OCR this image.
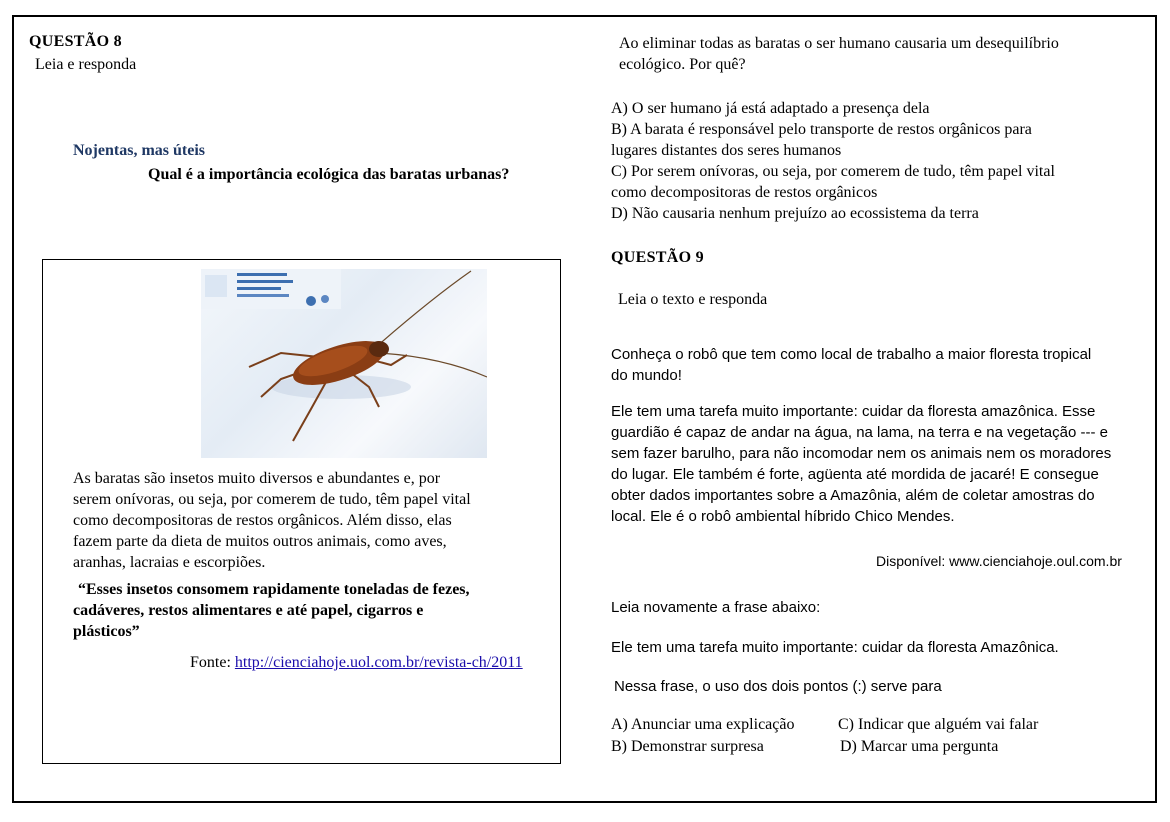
QUESTÃO 8
Leia e responda
Nojentas, mas úteis
Qual é a importância ecológica das baratas urbanas?
As baratas são insetos muito diversos e abundantes e, por
serem onívoras, ou seja, por comerem de tudo, têm papel vital
como decompositoras de restos orgânicos. Além disso, elas
fazem parte da dieta de muitos outros animais, como aves,
aranhas, lacraias e escorpiões.
“Esses insetos consomem rapidamente toneladas de fezes,
cadáveres, restos alimentares e até papel, cigarros e
plásticos”
Fonte: http://cienciahoje.uol.com.br/revista-ch/2011
Ao eliminar todas as baratas o ser humano causaria um desequilíbrio
ecológico. Por quê?
A) O ser humano já está adaptado a presença dela
B) A barata é responsável pelo transporte de restos orgânicos para
lugares distantes dos seres humanos
C) Por serem onívoras, ou seja, por comerem de tudo, têm papel vital
como decompositoras de restos orgânicos
D) Não causaria nenhum prejuízo ao ecossistema da terra
QUESTÃO 9
Leia o texto e responda
Conheça o robô que tem como local de trabalho a maior floresta tropical
do mundo!
Ele tem uma tarefa muito importante: cuidar da floresta amazônica. Esse
guardião é capaz de andar na água, na lama, na terra e na vegetação --- e
sem fazer barulho, para não incomodar nem os animais nem os moradores
do lugar. Ele também é forte, agüenta até mordida de jacaré! E consegue
obter dados importantes sobre a Amazônia, além de coletar amostras do
local. Ele é o robô ambiental híbrido Chico Mendes.
Disponível: www.cienciahoje.oul.com.br
Leia novamente a frase abaixo:
Ele tem uma tarefa muito importante: cuidar da floresta Amazônica.
Nessa frase, o uso dos dois pontos (:) serve para
A) Anunciar uma explicação	C) Indicar que alguém vai falar
B) Demonstrar surpresa	D) Marcar uma pergunta
